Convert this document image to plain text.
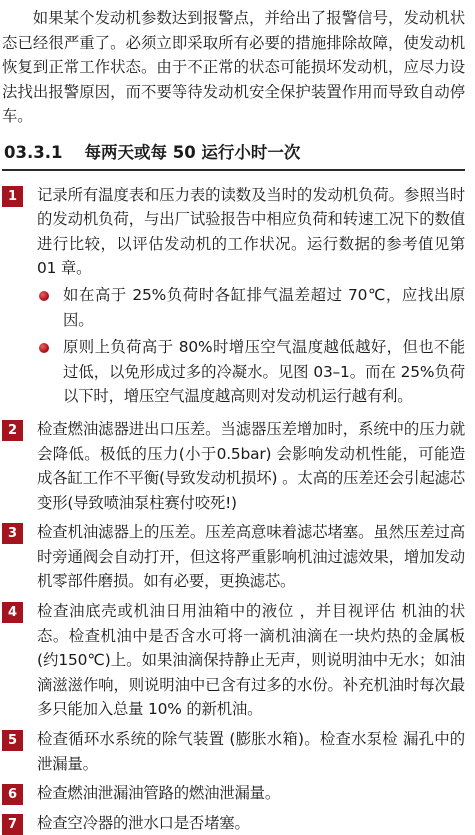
如果某个发动机参数达到报警点，并给出了报警信号，发动机状态已经很严重了。必须立即采取所有必要的措施排除故障，使发动机恢复到正常工作状态。由于不正常的状态可能损坏发动机，应尽力设法找出报警原因，而不要等待发动机安全保护装置作用而导致自动停车。

03.3.1 每两天或每 50 运行小时一次
1	记录所有温度表和压力表的读数及当时的发动机负荷。参照当时的发动机负荷，与出厂试验报告中相应负荷和转速工况下的数值进行比较，以评估发动机的工作状况。运行数据的参考值见第 01 章。
如在高于 25%负荷时各缸排气温差超过 70℃，应找出原因。
原则上负荷高于 80%时增压空气温度越低越好，但也不能过低，以免形成过多的冷凝水。见图 03–1。而在 25%负荷以下时，增压空气温度越高则对发动机运行越有利。
2	检查燃油滤器进出口压差。当滤器压差增加时，系统中的压力就会降低。极低的压力(小于0.5bar) 会影响发动机性能，可能造成各缸工作不平衡(导致发动机损坏) 。太高的压差还会引起滤芯变形(导致喷油泵柱赛付咬死!)
3	检查机油滤器上的压差。压差高意味着滤芯堵塞。虽然压差过高时旁通阀会自动打开，但这将严重影响机油过滤效果，增加发动机零部件磨损。如有必要，更换滤芯。
4	检查油底壳或机油日用油箱中的液位 ，并目视评估 机油的状态。检查机油中是否含水可将一滴机油滴在一块灼热的金属板(约150℃)上。如果油滴保持静止无声，则说明油中无水；如油滴滋滋作响，则说明油中已含有过多的水份。补充机油时每次最多只能加入总量 10% 的新机油。
5	检查循环水系统的除气装置 (膨胀水箱)。检查水泵检 漏孔中的泄漏量。
6	检查燃油泄漏油管路的燃油泄漏量。
7	检查空冷器的泄水口是否堵塞。
